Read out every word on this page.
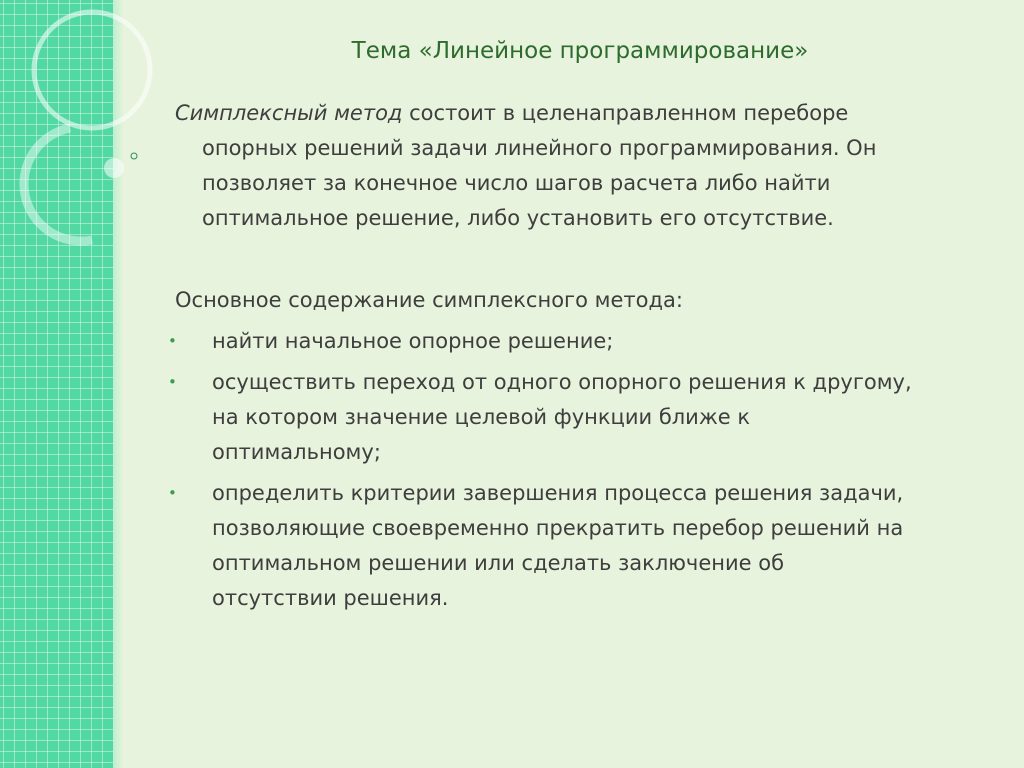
Тема «Линейное программирование»
Симплексный метод состоит в целенаправленном переборе
опорных решений задачи линейного программирования. Он
позволяет за конечное число шагов расчета либо найти
оптимальное решение, либо установить его отсутствие.
Основное содержание симплексного метода:
• найти начальное опорное решение;
• осуществить переход от одного опорного решения к другому,
на котором значение целевой функции ближе к
оптимальному;
• определить критерии завершения процесса решения задачи,
позволяющие своевременно прекратить перебор решений на
оптимальном решении или сделать заключение об
отсутствии решения.
